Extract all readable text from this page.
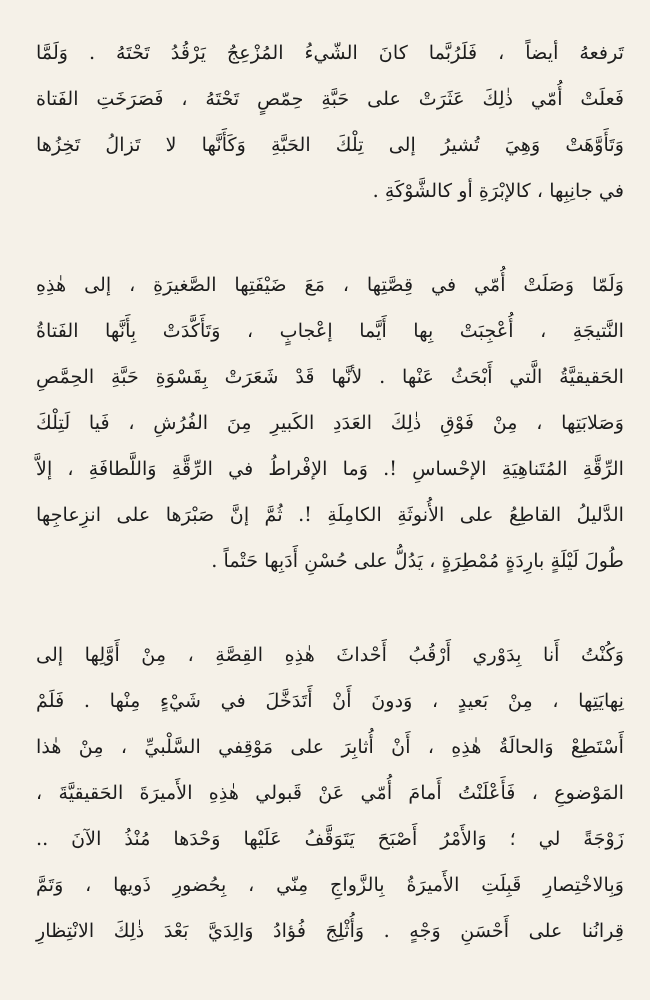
تَرفعهُ أيضاً ، فَلَرُبَّما كانَ الشّيءُ المُزْعِجُ يَرْقُدُ تَحْتَهُ . وَلَمَّا
فَعلَتْ أُمّي ذٰلِكَ عَثَرَتْ على حَبَّةِ حِمّصٍ تَحْتَهُ ، فَصَرَخَتِ الفَتاة
وَتَأَوَّهَتْ وَهِيَ تُشيرُ إلى تِلْكَ الحَبَّةِ وَكَأَنَّها لا تَزالُ تَخِزُها
في جانِبِها ، كالإبْرَةِ أو كالشَّوْكَةِ .
وَلَمّا وَصَلَتْ أُمّي في قِصَّتِها ، مَعَ ضَيْفَتِها الصَّغيرَةِ ، إلى هٰذِهِ
النَّتيجَةِ ، أُعْجِبَتْ بِها أَيَّما إعْجابٍ ، وَتَأَكَّدَتْ بِأَنَّها الفَتاةُ
الحَقيقيَّةُ الَّتي أَبْحَثُ عَنْها . لأنَّها قَدْ شَعَرَتْ بِقَسْوَةِ حَبَّةِ الحِمَّصِ
وَصَلابَتِها ، مِنْ فَوْقِ ذٰلِكَ العَدَدِ الكَبيرِ مِنَ الفُرُشِ ، فَيا لَتِلْكَ
الرِّقَّةِ المُتَناهِيَةِ الإحْساسِ !. وَما الإفْراطُ في الرِّقَّةِ وَاللَّطافَةِ ، إلاَّ
الدَّليلُ القاطِعُ على الأُنوثَةِ الكامِلَةِ !. ثُمَّ إنَّ صَبْرَها على انزِعاجِها
طُولَ لَيْلَةٍ بارِدَةٍ مُمْطِرَةٍ ، يَدُلُّ على حُسْنِ أَدَبِها حَتْماً .
وَكُنْتُ أَنا بِدَوْري أَرْقُبُ أَحْداثَ هٰذِهِ القِصَّةِ ، مِنْ أَوَّلِها إلى
نِهايَتِها ، مِنْ بَعيدٍ ، وَدونَ أَنْ أَتَدَخَّلَ في شَيْءٍ مِنْها . فَلَمْ
أَسْتَطِعْ وَالحالَةُ هٰذِهِ ، أَنْ أُثابِرَ على مَوْقِفي السَّلْبيِّ ، مِنْ هٰذا
المَوْضوعِ ، فَأَعْلَنْتُ أَمامَ أُمّي عَنْ قَبولي هٰذِهِ الأَميرَةَ الحَقيقيَّةَ ،
زَوْجَةً لي ؛ وَالأَمْرُ أَصْبَحَ يَتَوَقَّفُ عَلَيْها وَحْدَها مُنْذُ الآنَ ..
وَبِالاخْتِصارِ قَبِلَتِ الأَميرَةُ بِالزَّواجِ مِنّي ، بِحُضورِ ذَويها ، وَتَمَّ
قِرانُنا على أَحْسَنِ وَجْهٍ . وَأُثْلِجَ فُؤادُ وَالِدَيَّ بَعْدَ ذٰلِكَ الانْتِظارِ
